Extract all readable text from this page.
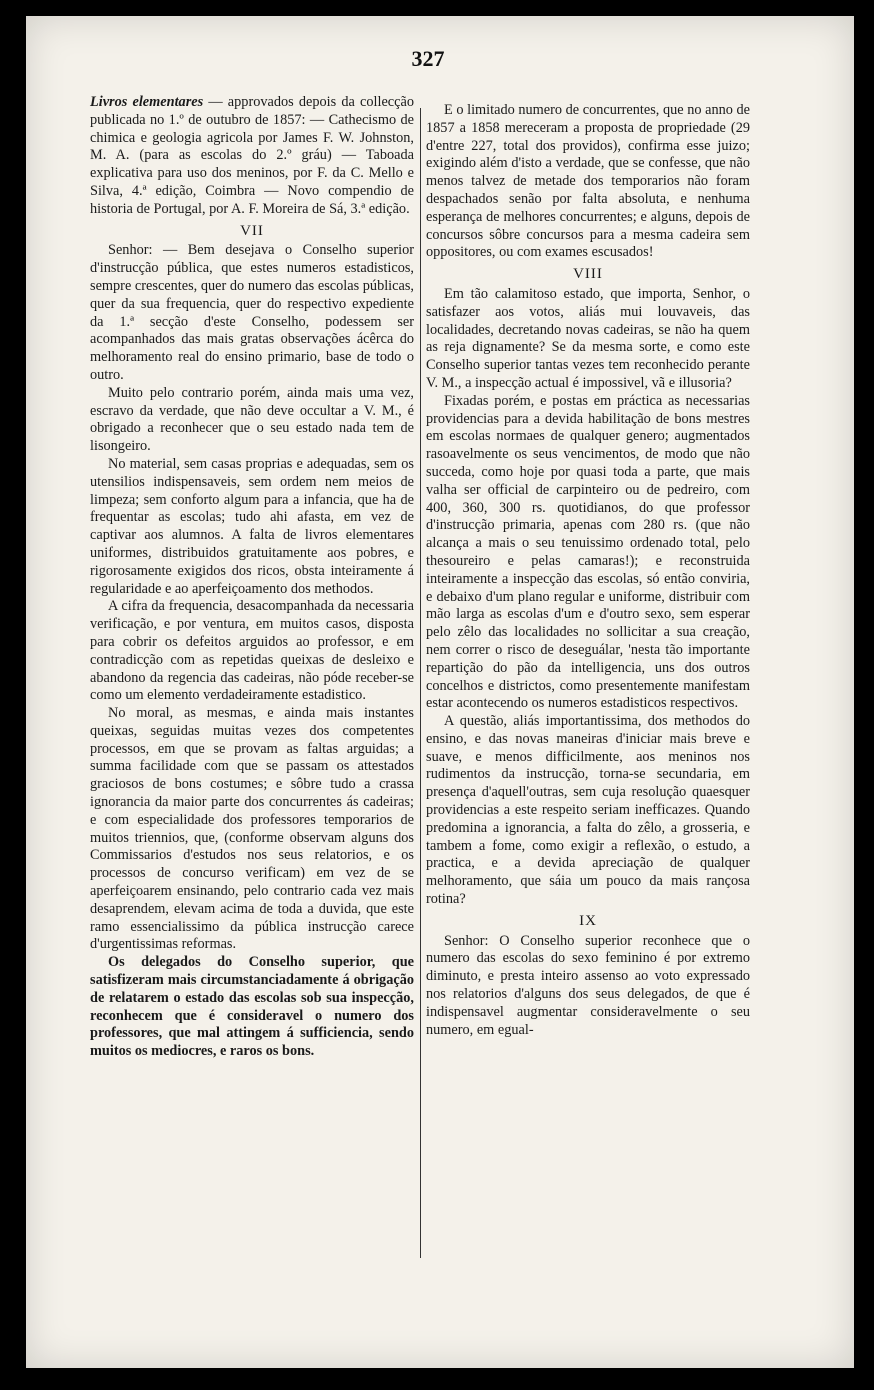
327

Livros elementares — approvados depois da collecção publicada no 1.º de outubro de 1857: — Cathecismo de chimica e geologia agricola por James F. W. Johnston, M. A. (para as escolas do 2.º gráu) — Taboada explicativa para uso dos meninos, por F. da C. Mello e Silva, 4.ª edição, Coimbra — Novo compendio de historia de Portugal, por A. F. Moreira de Sá, 3.ª edição.

VII

Senhor: — Bem desejava o Conselho superior d'instrucção pública, que estes numeros estadisticos, sempre crescentes, quer do numero das escolas públicas, quer da sua frequencia, quer do respectivo expediente da 1.ª secção d'este Conselho, podessem ser acompanhados das mais gratas observações ácêrca do melhoramento real do ensino primario, base de todo o outro.

Muito pelo contrario porém, ainda mais uma vez, escravo da verdade, que não deve occultar a V. M., é obrigado a reconhecer que o seu estado nada tem de lisongeiro.

No material, sem casas proprias e adequadas, sem os utensilios indispensaveis, sem ordem nem meios de limpeza; sem conforto algum para a infancia, que ha de frequentar as escolas; tudo ahi afasta, em vez de captivar aos alumnos. A falta de livros elementares uniformes, distribuidos gratuitamente aos pobres, e rigorosamente exigidos dos ricos, obsta inteiramente á regularidade e ao aperfeiçoamento dos methodos.

A cifra da frequencia, desacompanhada da necessaria verificação, e por ventura, em muitos casos, disposta para cobrir os defeitos arguidos ao professor, e em contradicção com as repetidas queixas de desleixo e abandono da regencia das cadeiras, não póde receber-se como um elemento verdadeiramente estadistico.

No moral, as mesmas, e ainda mais instantes queixas, seguidas muitas vezes dos competentes processos, em que se provam as faltas arguidas; a summa facilidade com que se passam os attestados graciosos de bons costumes; e sôbre tudo a crassa ignorancia da maior parte dos concurrentes ás cadeiras; e com especialidade dos professores temporarios de muitos triennios, que, (conforme observam alguns dos Commissarios d'estudos nos seus relatorios, e os processos de concurso verificam) em vez de se aperfeiçoarem ensinando, pelo contrario cada vez mais desaprendem, elevam acima de toda a duvida, que este ramo essencialissimo da pública instrucção carece d'urgentissimas reformas.

Os delegados do Conselho superior, que satisfizeram mais circumstanciadamente á obrigação de relatarem o estado das escolas sob sua inspecção, reconhecem que é consideravel o numero dos professores, que mal attingem á sufficiencia, sendo muitos os mediocres, e raros os bons.

E o limitado numero de concurrentes, que no anno de 1857 a 1858 mereceram a proposta de propriedade (29 d'entre 227, total dos providos), confirma esse juizo; exigindo além d'isto a verdade, que se confesse, que não menos talvez de metade dos temporarios não foram despachados senão por falta absoluta, e nenhuma esperança de melhores concurrentes; e alguns, depois de concursos sôbre concursos para a mesma cadeira sem oppositores, ou com exames escusados!

VIII

Em tão calamitoso estado, que importa, Senhor, o satisfazer aos votos, aliás mui louvaveis, das localidades, decretando novas cadeiras, se não ha quem as reja dignamente? Se da mesma sorte, e como este Conselho superior tantas vezes tem reconhecido perante V. M., a inspecção actual é impossivel, vã e illusoria?

Fixadas porém, e postas em práctica as necessarias providencias para a devida habilitação de bons mestres em escolas normaes de qualquer genero; augmentados rasoavelmente os seus vencimentos, de modo que não succeda, como hoje por quasi toda a parte, que mais valha ser official de carpinteiro ou de pedreiro, com 400, 360, 300 rs. quotidianos, do que professor d'instrucção primaria, apenas com 280 rs. (que não alcança a mais o seu tenuissimo ordenado total, pelo thesoureiro e pelas camaras!); e reconstruida inteiramente a inspecção das escolas, só então conviria, e debaixo d'um plano regular e uniforme, distribuir com mão larga as escolas d'um e d'outro sexo, sem esperar pelo zêlo das localidades no sollicitar a sua creação, nem correr o risco de deseguálar, 'nesta tão importante repartição do pão da intelligencia, uns dos outros concelhos e districtos, como presentemente manifestam estar acontecendo os numeros estadisticos respectivos.

A questão, aliás importantissima, dos methodos do ensino, e das novas maneiras d'iniciar mais breve e suave, e menos difficilmente, aos meninos nos rudimentos da instrucção, torna-se secundaria, em presença d'aquell'outras, sem cuja resolução quaesquer providencias a este respeito seriam inefficazes. Quando predomina a ignorancia, a falta do zêlo, a grosseria, e tambem a fome, como exigir a reflexão, o estudo, a practica, e a devida apreciação de qualquer melhoramento, que sáia um pouco da mais rançosa rotina?

IX

Senhor: O Conselho superior reconhece que o numero das escolas do sexo feminino é por extremo diminuto, e presta inteiro assenso ao voto expressado nos relatorios d'alguns dos seus delegados, de que é indispensavel augmentar consideravelmente o seu numero, em egual-
